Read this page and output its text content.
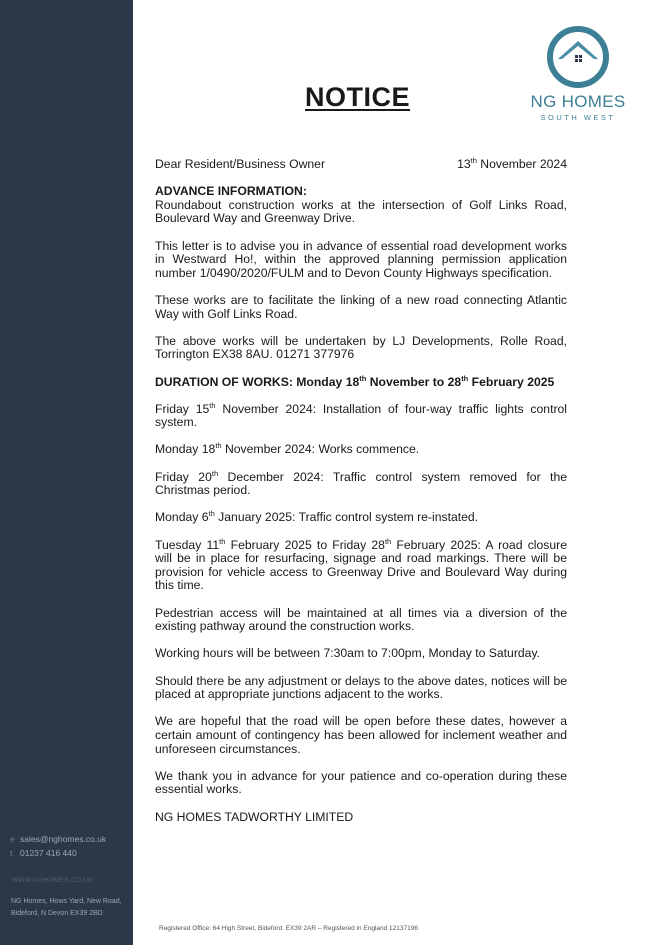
e sales@nghomes.co.uk
t 01237 416 440
WWW.NGHOMES.CO.UK
NG Homes, Hows Yard, New Road,
Bideford, N Devon EX39 2BD
NG HOMES
SOUTH WEST
NOTICE
Dear Resident/Business Owner	13th November 2024

ADVANCE INFORMATION:
Roundabout construction works at the intersection of Golf Links Road, Boulevard Way and Greenway Drive.

This letter is to advise you in advance of essential road development works in Westward Ho!, within the approved planning permission application number 1/0490/2020/FULM and to Devon County Highways specification.

These works are to facilitate the linking of a new road connecting Atlantic Way with Golf Links Road.

The above works will be undertaken by LJ Developments, Rolle Road, Torrington EX38 8AU. 01271 377976

DURATION OF WORKS: Monday 18th November to 28th February 2025

Friday 15th November 2024: Installation of four-way traffic lights control system.

Monday 18th November 2024: Works commence.

Friday 20th December 2024: Traffic control system removed for the Christmas period.

Monday 6th January 2025: Traffic control system re-instated.

Tuesday 11th February 2025 to Friday 28th February 2025: A road closure will be in place for resurfacing, signage and road markings. There will be provision for vehicle access to Greenway Drive and Boulevard Way during this time.

Pedestrian access will be maintained at all times via a diversion of the existing pathway around the construction works.

Working hours will be between 7:30am to 7:00pm, Monday to Saturday.

Should there be any adjustment or delays to the above dates, notices will be placed at appropriate junctions adjacent to the works.

We are hopeful that the road will be open before these dates, however a certain amount of contingency has been allowed for inclement weather and unforeseen circumstances.

We thank you in advance for your patience and co-operation during these essential works.

NG HOMES TADWORTHY LIMITED

Registered Office: 64 High Street, Bideford. EX39 2AR – Registered in England 12137196
